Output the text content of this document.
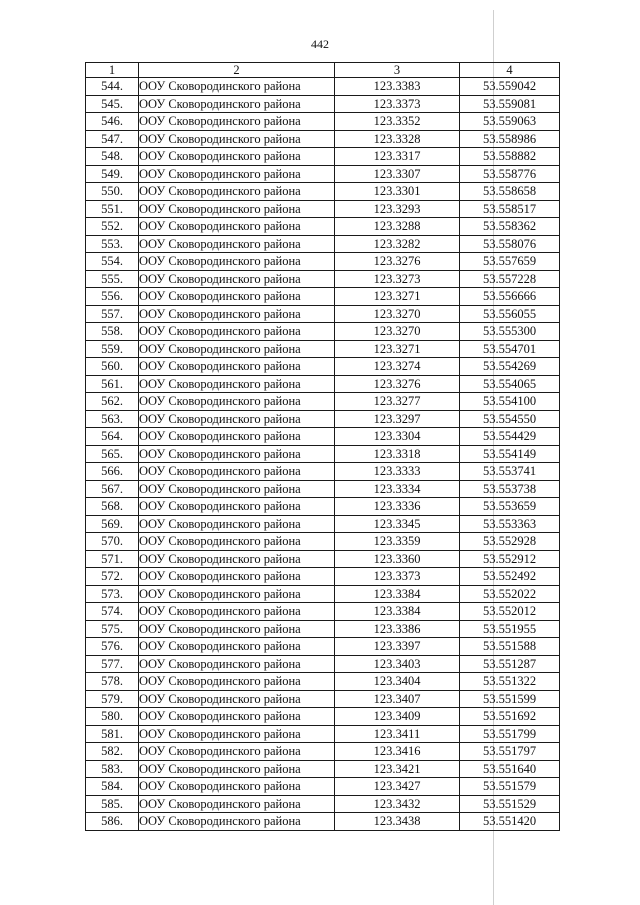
442
1	2	3	4
544.	ООУ Сковородинского района	123.3383	53.559042
545.	ООУ Сковородинского района	123.3373	53.559081
546.	ООУ Сковородинского района	123.3352	53.559063
547.	ООУ Сковородинского района	123.3328	53.558986
548.	ООУ Сковородинского района	123.3317	53.558882
549.	ООУ Сковородинского района	123.3307	53.558776
550.	ООУ Сковородинского района	123.3301	53.558658
551.	ООУ Сковородинского района	123.3293	53.558517
552.	ООУ Сковородинского района	123.3288	53.558362
553.	ООУ Сковородинского района	123.3282	53.558076
554.	ООУ Сковородинского района	123.3276	53.557659
555.	ООУ Сковородинского района	123.3273	53.557228
556.	ООУ Сковородинского района	123.3271	53.556666
557.	ООУ Сковородинского района	123.3270	53.556055
558.	ООУ Сковородинского района	123.3270	53.555300
559.	ООУ Сковородинского района	123.3271	53.554701
560.	ООУ Сковородинского района	123.3274	53.554269
561.	ООУ Сковородинского района	123.3276	53.554065
562.	ООУ Сковородинского района	123.3277	53.554100
563.	ООУ Сковородинского района	123.3297	53.554550
564.	ООУ Сковородинского района	123.3304	53.554429
565.	ООУ Сковородинского района	123.3318	53.554149
566.	ООУ Сковородинского района	123.3333	53.553741
567.	ООУ Сковородинского района	123.3334	53.553738
568.	ООУ Сковородинского района	123.3336	53.553659
569.	ООУ Сковородинского района	123.3345	53.553363
570.	ООУ Сковородинского района	123.3359	53.552928
571.	ООУ Сковородинского района	123.3360	53.552912
572.	ООУ Сковородинского района	123.3373	53.552492
573.	ООУ Сковородинского района	123.3384	53.552022
574.	ООУ Сковородинского района	123.3384	53.552012
575.	ООУ Сковородинского района	123.3386	53.551955
576.	ООУ Сковородинского района	123.3397	53.551588
577.	ООУ Сковородинского района	123.3403	53.551287
578.	ООУ Сковородинского района	123.3404	53.551322
579.	ООУ Сковородинского района	123.3407	53.551599
580.	ООУ Сковородинского района	123.3409	53.551692
581.	ООУ Сковородинского района	123.3411	53.551799
582.	ООУ Сковородинского района	123.3416	53.551797
583.	ООУ Сковородинского района	123.3421	53.551640
584.	ООУ Сковородинского района	123.3427	53.551579
585.	ООУ Сковородинского района	123.3432	53.551529
586.	ООУ Сковородинского района	123.3438	53.551420
